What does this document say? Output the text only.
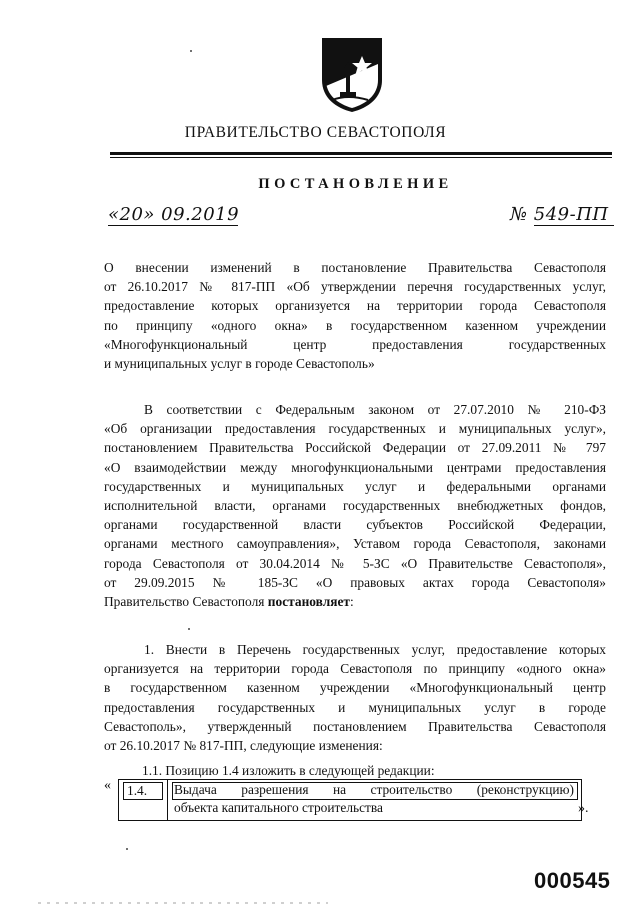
ПРАВИТЕЛЬСТВО СЕВАСТОПОЛЯ
ПОСТАНОВЛЕНИЕ
«20» 09.2019	№ 549-ПП
О внесении изменений в постановление Правительства Севастополя
от 26.10.2017 № 817-ПП «Об утверждении перечня государственных услуг,
предоставление которых организуется на территории города Севастополя
по принципу «одного окна» в государственном казенном учреждении
«Многофункциональный центр предоставления государственных
и муниципальных услуг в городе Севастополь»
В соответствии с Федеральным законом от 27.07.2010 № 210-ФЗ
«Об организации предоставления государственных и муниципальных услуг»,
постановлением Правительства Российской Федерации от 27.09.2011 № 797
«О взаимодействии между многофункциональными центрами предоставления
государственных и муниципальных услуг и федеральными органами
исполнительной власти, органами государственных внебюджетных фондов,
органами государственной власти субъектов Российской Федерации,
органами местного самоуправления», Уставом города Севастополя, законами
города Севастополя от 30.04.2014 № 5-ЗС «О Правительстве Севастополя»,
от 29.09.2015 № 185-ЗС «О правовых актах города Севастополя»
Правительство Севастополя постановляет:
1. Внести в Перечень государственных услуг, предоставление которых
организуется на территории города Севастополя по принципу «одного окна»
в государственном казенном учреждении «Многофункциональный центр
предоставления государственных и муниципальных услуг в городе
Севастополь», утвержденный постановлением Правительства Севастополя
от 26.10.2017 № 817-ПП, следующие изменения:
1.1. Позицию 1.4 изложить в следующей редакции:
« 1.4.	Выдача разрешения на строительство (реконструкцию)
объекта капитального строительства	».
000545
